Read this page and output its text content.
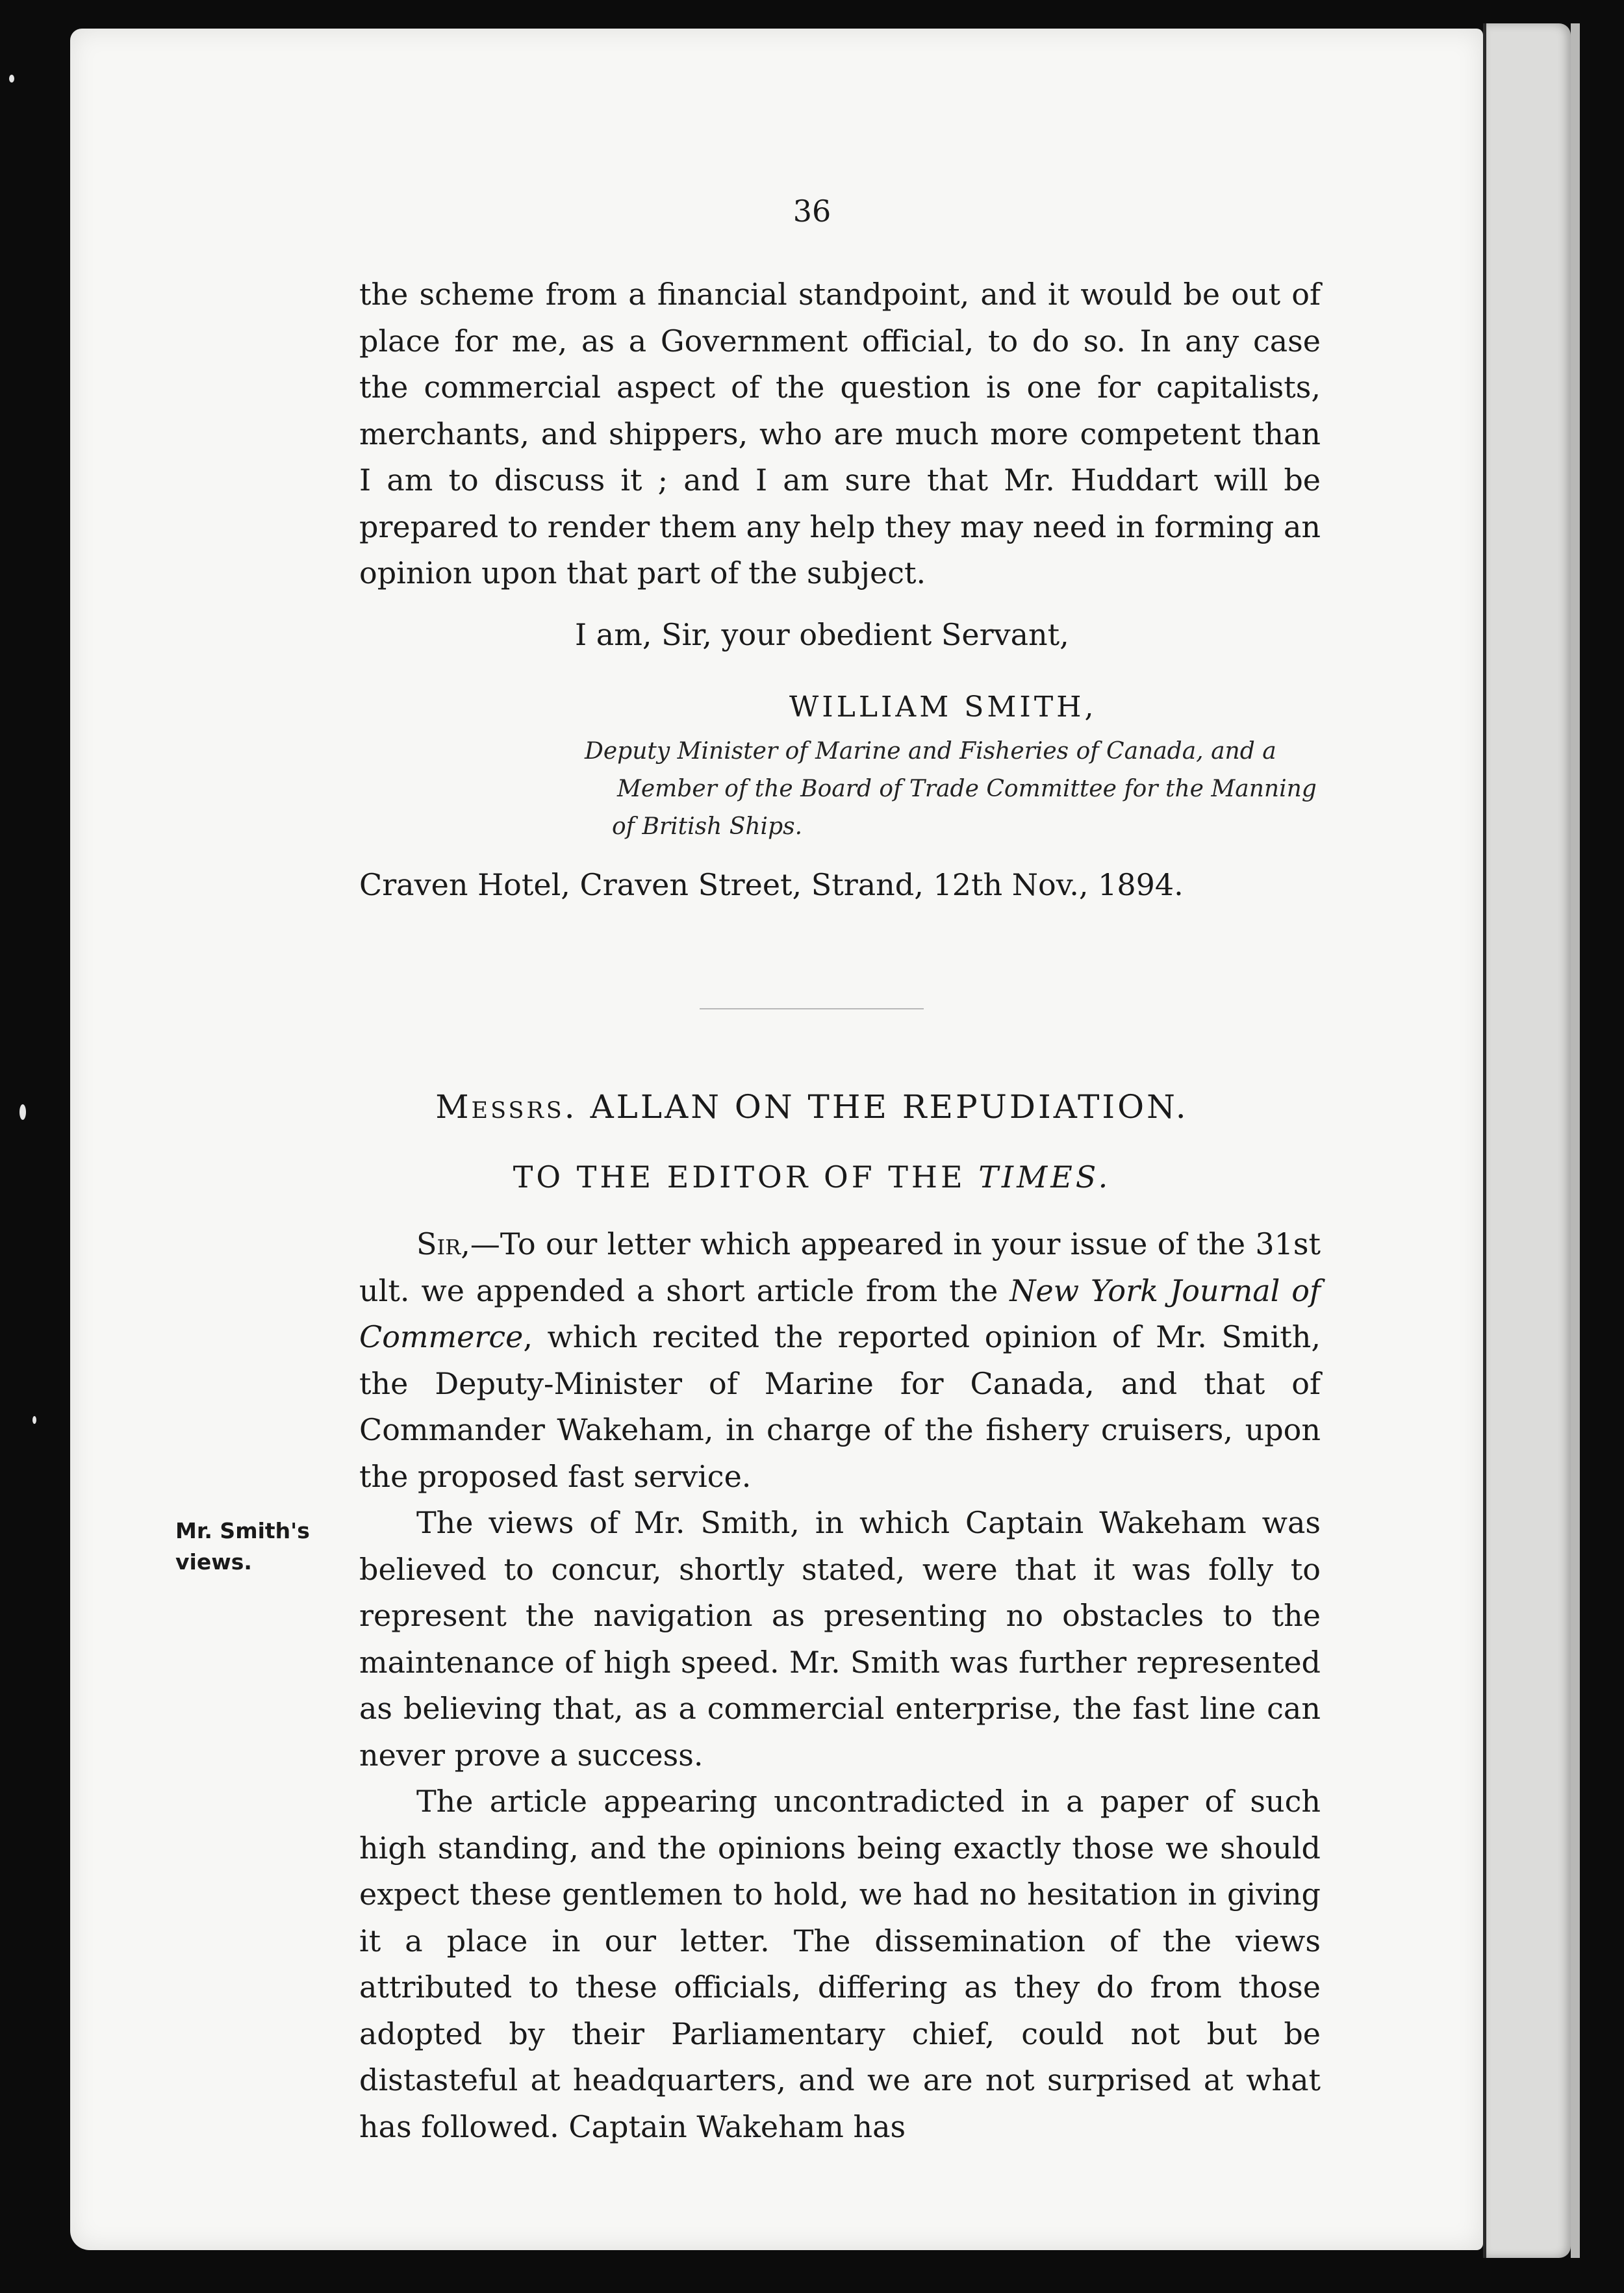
36

the scheme from a financial standpoint, and it would be out of place for me, as a Government official, to do so. In any case the commercial aspect of the question is one for capitalists, merchants, and shippers, who are much more competent than I am to discuss it ; and I am sure that Mr. Huddart will be prepared to render them any help they may need in forming an opinion upon that part of the subject.

I am, Sir, your obedient Servant,
WILLIAM SMITH,
Deputy Minister of Marine and Fisheries of Canada, and a
Member of the Board of Trade Committee for the Manning
of British Ships.
Craven Hotel, Craven Street, Strand, 12th Nov., 1894.
Messrs. ALLAN ON THE REPUDIATION.
TO THE EDITOR OF THE TIMES.

Sir,—To our letter which appeared in your issue of the 31st ult. we appended a short article from the New York Journal of Commerce, which recited the reported opinion of Mr. Smith, the Deputy-Minister of Marine for Canada, and that of Commander Wakeham, in charge of the fishery cruisers, upon the proposed fast service.

The views of Mr. Smith, in which Captain Wakeham was believed to concur, shortly stated, were that it was folly to represent the navigation as presenting no obstacles to the maintenance of high speed. Mr. Smith was further represented as believing that, as a commercial enterprise, the fast line can never prove a success.

The article appearing uncontradicted in a paper of such high standing, and the opinions being exactly those we should expect these gentlemen to hold, we had no hesitation in giving it a place in our letter. The dissemination of the views attributed to these officials, differing as they do from those adopted by their Parliamentary chief, could not but be distasteful at headquarters, and we are not surprised at what has followed. Captain Wakeham has

Mr. Smith's
views.
